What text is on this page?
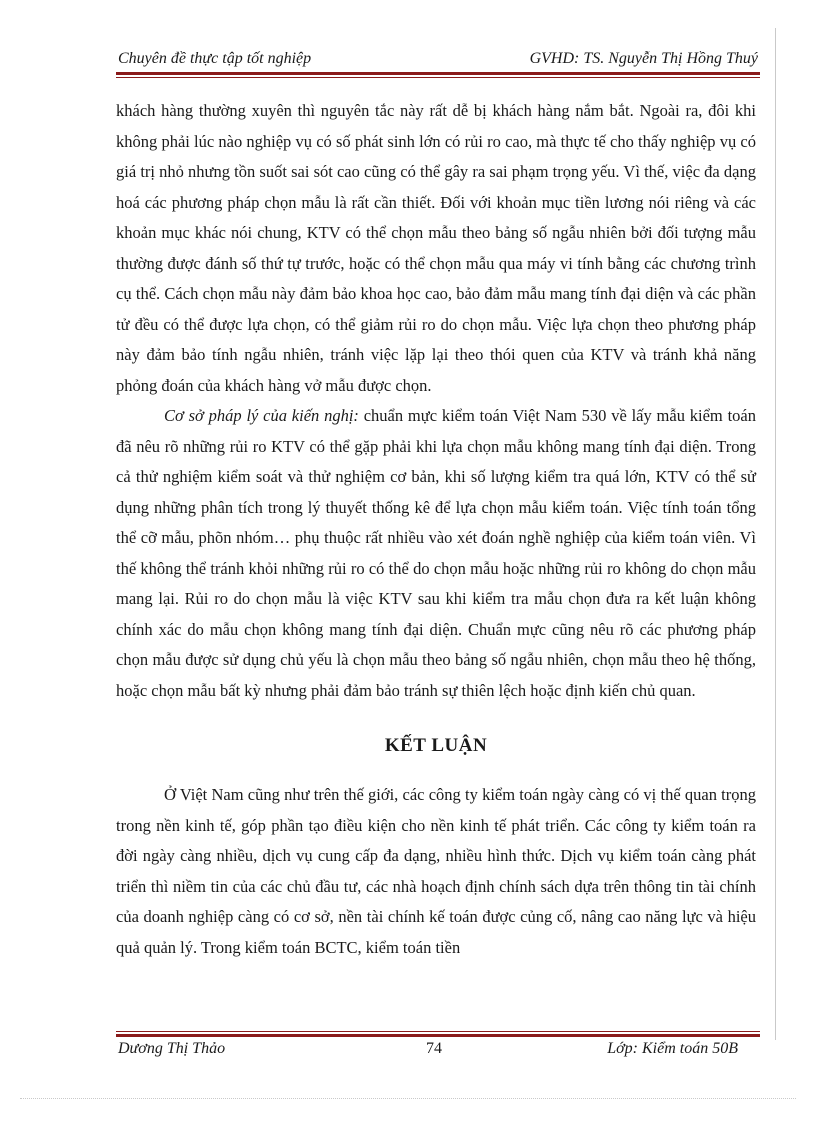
Chuyên đề thực tập tốt nghiệp	GVHD: TS. Nguyễn Thị Hồng Thuý

khách hàng thường xuyên thì nguyên tắc này rất dễ bị khách hàng nắm bắt. Ngoài ra, đôi khi không phải lúc nào nghiệp vụ có số phát sinh lớn có rủi ro cao, mà thực tế cho thấy nghiệp vụ có giá trị nhỏ nhưng tồn suốt sai sót cao cũng có thể gây ra sai phạm trọng yếu. Vì thế, việc đa dạng hoá các phương pháp chọn mẫu là rất cần thiết. Đối với khoản mục tiền lương nói riêng và các khoản mục khác nói chung, KTV có thể chọn mẫu theo bảng số ngẫu nhiên bởi đối tượng mẫu thường được đánh số thứ tự trước, hoặc có thể chọn mẫu qua máy vi tính bằng các chương trình cụ thể. Cách chọn mẫu này đảm bảo khoa học cao, bảo đảm mẫu mang tính đại diện và các phần tử đều có thể được lựa chọn, có thể giảm rủi ro do chọn mẫu. Việc lựa chọn theo phương pháp này đảm bảo tính ngẫu nhiên, tránh việc lặp lại theo thói quen của KTV và tránh khả năng phỏng đoán của khách hàng vở mẫu được chọn.

Cơ sở pháp lý của kiến nghị: chuẩn mực kiểm toán Việt Nam 530 về lấy mẫu kiểm toán đã nêu rõ những rủi ro KTV có thể gặp phải khi lựa chọn mẫu không mang tính đại diện. Trong cả thử nghiệm kiểm soát và thử nghiệm cơ bản, khi số lượng kiểm tra quá lớn, KTV có thể sử dụng những phân tích trong lý thuyết thống kê để lựa chọn mẫu kiểm toán. Việc tính toán tổng thể cỡ mẫu, phõn nhóm… phụ thuộc rất nhiều vào xét đoán nghề nghiệp của kiểm toán viên. Vì thế không thể tránh khỏi những rủi ro có thể do chọn mẫu hoặc những rủi ro không do chọn mẫu mang lại. Rủi ro do chọn mẫu là việc KTV sau khi kiểm tra mẫu chọn đưa ra kết luận không chính xác do mẫu chọn không mang tính đại diện. Chuẩn mực cũng nêu rõ các phương pháp chọn mẫu được sử dụng chủ yếu là chọn mẫu theo bảng số ngẫu nhiên, chọn mẫu theo hệ thống, hoặc chọn mẫu bất kỳ nhưng phải đảm bảo tránh sự thiên lệch hoặc định kiến chủ quan.

KẾT LUẬN

Ở Việt Nam cũng như trên thế giới, các công ty kiểm toán ngày càng có vị thế quan trọng trong nền kinh tế, góp phần tạo điều kiện cho nền kinh tế phát triển. Các công ty kiểm toán ra đời ngày càng nhiều, dịch vụ cung cấp đa dạng, nhiều hình thức. Dịch vụ kiểm toán càng phát triển thì niềm tin của các chủ đầu tư, các nhà hoạch định chính sách dựa trên thông tin tài chính của doanh nghiệp càng có cơ sở, nền tài chính kế toán được củng cố, nâng cao năng lực và hiệu quả quản lý. Trong kiểm toán BCTC, kiểm toán tiền

Dương Thị Thảo	74	Lớp: Kiểm toán 50B
